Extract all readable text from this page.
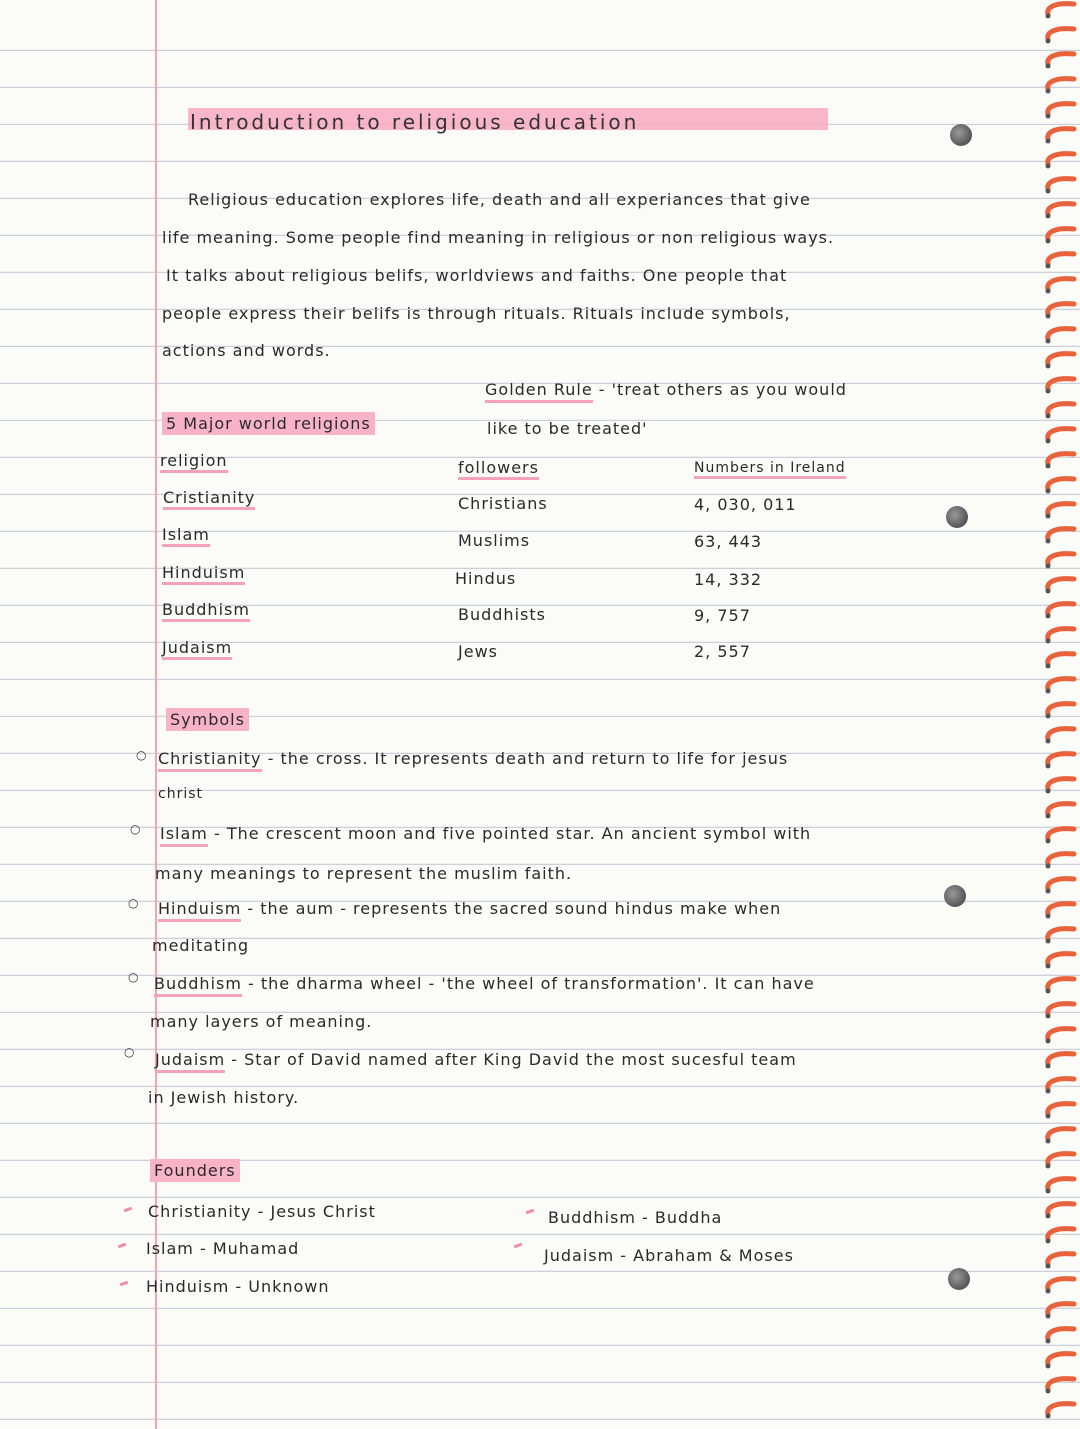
Introduction to religious education
Religious education explores life, death and all experiances that give
life meaning. Some people find meaning in religious or non religious ways.
It talks about religious belifs, worldviews and faiths. One people that
people express their belifs is through rituals. Rituals include symbols,
actions and words.
Golden Rule - 'treat others as you would
like to be treated'
5 Major world religions
religion	followers	Numbers in Ireland
Cristianity	Christians	4, 030, 011
Islam	Muslims	63, 443
Hinduism	Hindus	14, 332
Buddhism	Buddhists	9, 757
Judaism	Jews	2, 557
Symbols
○ Christianity - the cross. It represents death and return to life for jesus
christ
○ Islam - The crescent moon and five pointed star. An ancient symbol with
many meanings to represent the muslim faith.
○ Hinduism - the aum - represents the sacred sound hindus make when
meditating
○ Buddhism - the dharma wheel - 'the wheel of transformation'. It can have
many layers of meaning.
○ Judaism - Star of David named after King David the most sucesful team
in Jewish history.
Founders
Christianity - Jesus Christ
Islam - Muhamad
Hinduism - Unknown
Buddhism - Buddha
Judaism - Abraham & Moses
